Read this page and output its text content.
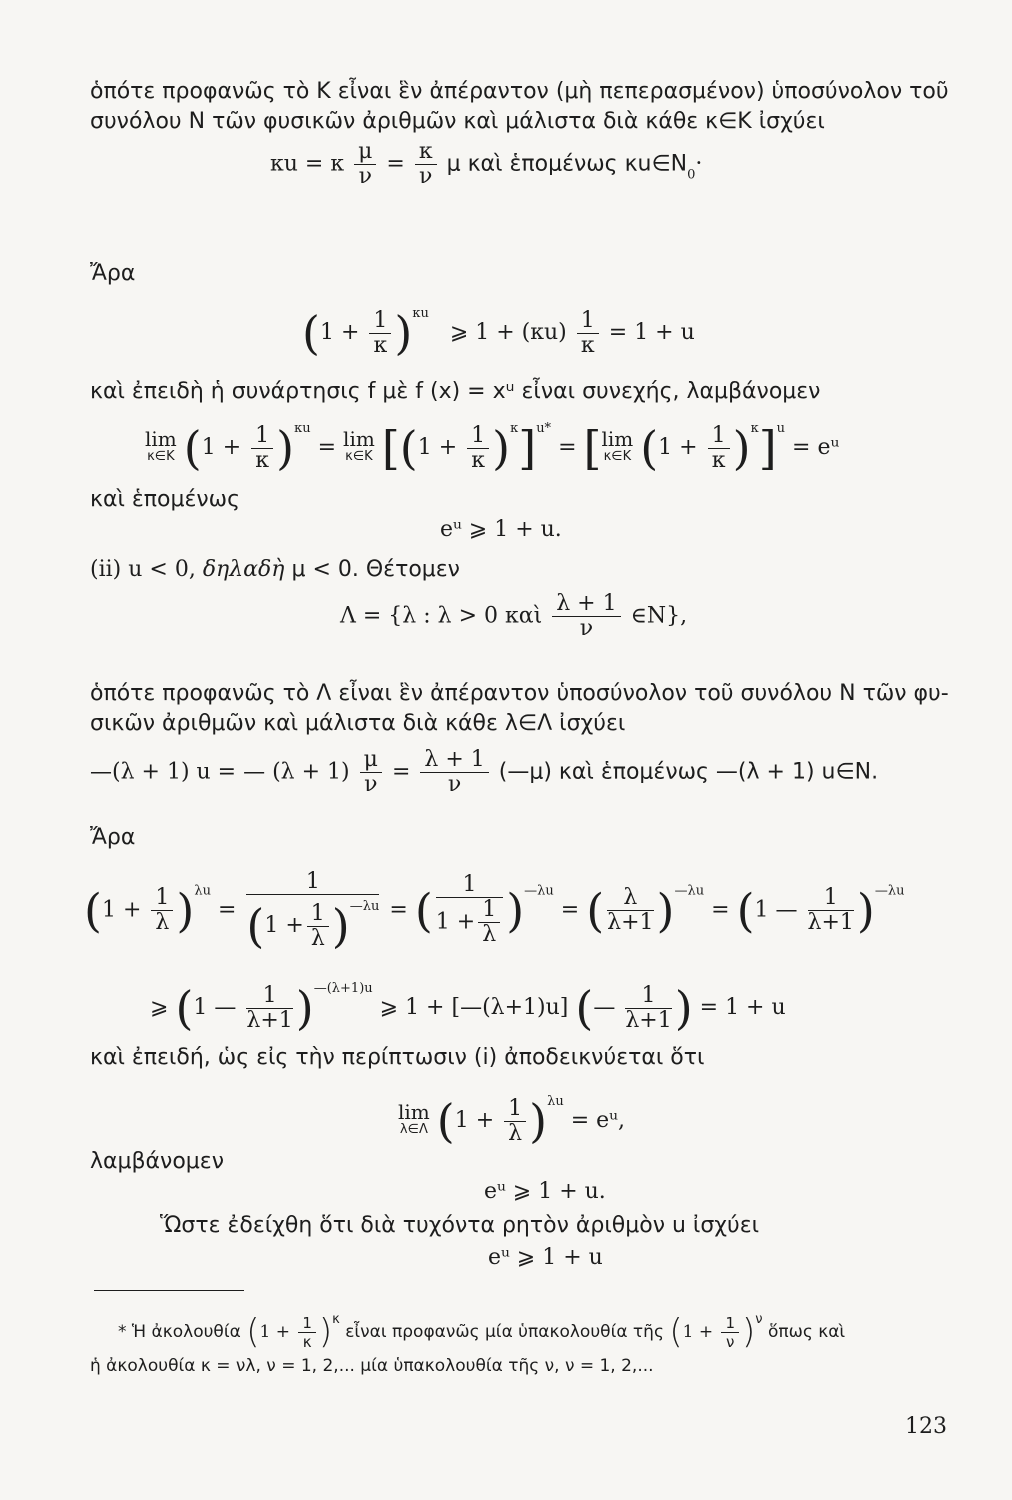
ὁπότε προφανῶς τὸ K εἶναι ἓν ἀπέραντον (μὴ πεπερασμένον) ὑποσύνολον τοῦ
συνόλου N τῶν φυσικῶν ἀριθμῶν καὶ μάλιστα διὰ κάθε κ∈K ἰσχύει
κu = κ $\frac{\mu}{\nu} = \frac{\kappa}{\nu}$ μ καὶ ἑπομένως $\kappa u\in N_0\cdot$
Ἄρα
$(1 + \frac{1}{\kappa} )^{\kappa u}$   ⩾ $1 + (\kappa u) \frac{1}{\kappa} = 1 + u$
καὶ ἐπειδὴ ἡ συνάρτησις f μὲ f (x) = xᵘ εἶναι συνεχής, λαμβάνομεν
lim
κ∈K $(1 + \frac{1}{\kappa} )^{\kappa u} = \lim$
κ∈K $[(1 + \frac{1}{\kappa} )^\kappa]^{u*}$ = [ lim
κ∈K $(1 + \frac{1}{\kappa} )^\kappa]^u$ = eᵘ
καὶ ἑπομένως
eᵘ ⩾ 1 + u.
(ii) u < 0, δηλαδὴ μ < 0. Θέτομεν
Λ = {λ : λ > 0 καὶ $\frac{\lambda + 1}{\nu}$ ∈N},
ὁπότε προφανῶς τὸ Λ εἶναι ἓν ἀπέραντον ὑποσύνολον τοῦ συνόλου N τῶν φυ-
σικῶν ἀριθμῶν καὶ μάλιστα διὰ κάθε λ∈Λ ἰσχύει
—(λ + 1) u = — $(\lambda + 1) \frac{\mu}{\nu} = \frac{\lambda + 1}{\nu}$ (—μ) καὶ ἑπομένως —(λ + 1) u∈N.
Ἄρα
$(1 + \frac{1}{\lambda} )^{\lambda u} = \frac{1}{(1 + \frac{1}{\lambda} )^{—\lambda u}}$ = ( $\frac{1}{1 + \frac{1}{\lambda}} )^{—\lambda u}$ = ( $\frac{\lambda}{\lambda+1} )^{—\lambda u} = (1$ — $\frac{1}{\lambda+1} )^{—\lambda u}$
⩾ (1 — $\frac{1}{\lambda+1} )^{—(\lambda+1)u}$ ⩾ 1 + [—(λ+1)u] (— $\frac{1}{\lambda+1}$ ) = 1 + u
καὶ ἐπειδή, ὡς εἰς τὴν περίπτωσιν (i) ἀποδεικνύεται ὅτι
lim
λ∈Λ $(1 + \frac{1}{\lambda} )^{\lambda u}$ = eᵘ,
λαμβάνομεν
eᵘ ⩾ 1 + u.
Ὥστε ἐδείχθη ὅτι διὰ τυχόντα ρητὸν ἀριθμὸν u ἰσχύει
eᵘ ⩾ 1 + u
* Ἡ ἀκολουθία $(1 + \frac{1}{\kappa} )^\kappa$ εἶναι προφανῶς μία ὑπακολουθία τῆς $(1 + \frac{1}{\nu} )^\nu$ ὅπως καὶ
ἡ ἀκολουθία κ = νλ, ν = 1, 2,... μία ὑπακολουθία τῆς ν, ν = 1, 2,...
123
